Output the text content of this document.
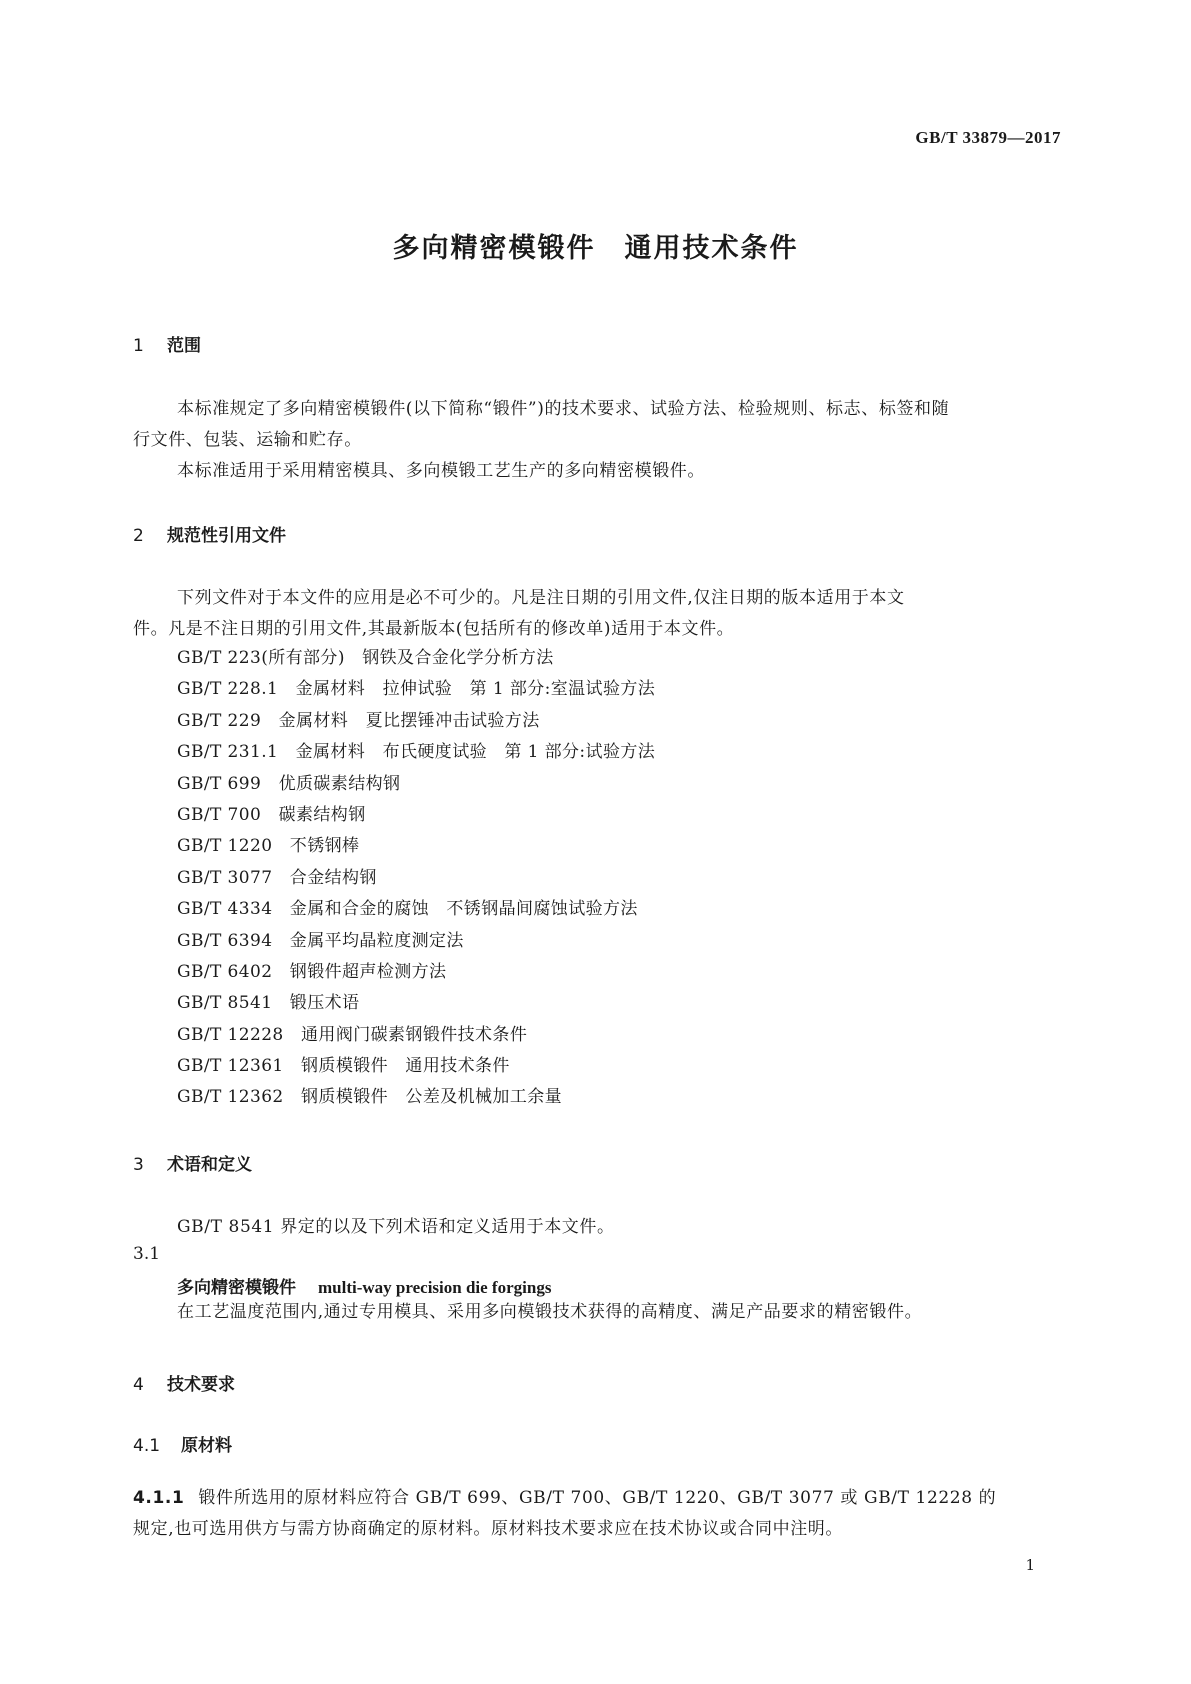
GB/T 33879—2017
多向精密模锻件　通用技术条件
1 范围
本标准规定了多向精密模锻件(以下简称“锻件”)的技术要求、试验方法、检验规则、标志、标签和随
行文件、包装、运输和贮存。
本标准适用于采用精密模具、多向模锻工艺生产的多向精密模锻件。
2 规范性引用文件
下列文件对于本文件的应用是必不可少的。凡是注日期的引用文件,仅注日期的版本适用于本文
件。凡是不注日期的引用文件,其最新版本(包括所有的修改单)适用于本文件。
GB/T 223(所有部分)　钢铁及合金化学分析方法
GB/T 228.1　金属材料　拉伸试验　第 1 部分:室温试验方法
GB/T 229　金属材料　夏比摆锤冲击试验方法
GB/T 231.1　金属材料　布氏硬度试验　第 1 部分:试验方法
GB/T 699　优质碳素结构钢
GB/T 700　碳素结构钢
GB/T 1220　不锈钢棒
GB/T 3077　合金结构钢
GB/T 4334　金属和合金的腐蚀　不锈钢晶间腐蚀试验方法
GB/T 6394　金属平均晶粒度测定法
GB/T 6402　钢锻件超声检测方法
GB/T 8541　锻压术语
GB/T 12228　通用阀门碳素钢锻件技术条件
GB/T 12361　钢质模锻件　通用技术条件
GB/T 12362　钢质模锻件　公差及机械加工余量
3 术语和定义
GB/T 8541 界定的以及下列术语和定义适用于本文件。
3.1
多向精密模锻件 multi-way precision die forgings
在工艺温度范围内,通过专用模具、采用多向模锻技术获得的高精度、满足产品要求的精密锻件。
4 技术要求
4.1 原材料
4.1.1 锻件所选用的原材料应符合 GB/T 699、GB/T 700、GB/T 1220、GB/T 3077 或 GB/T 12228 的
规定,也可选用供方与需方协商确定的原材料。原材料技术要求应在技术协议或合同中注明。
1
